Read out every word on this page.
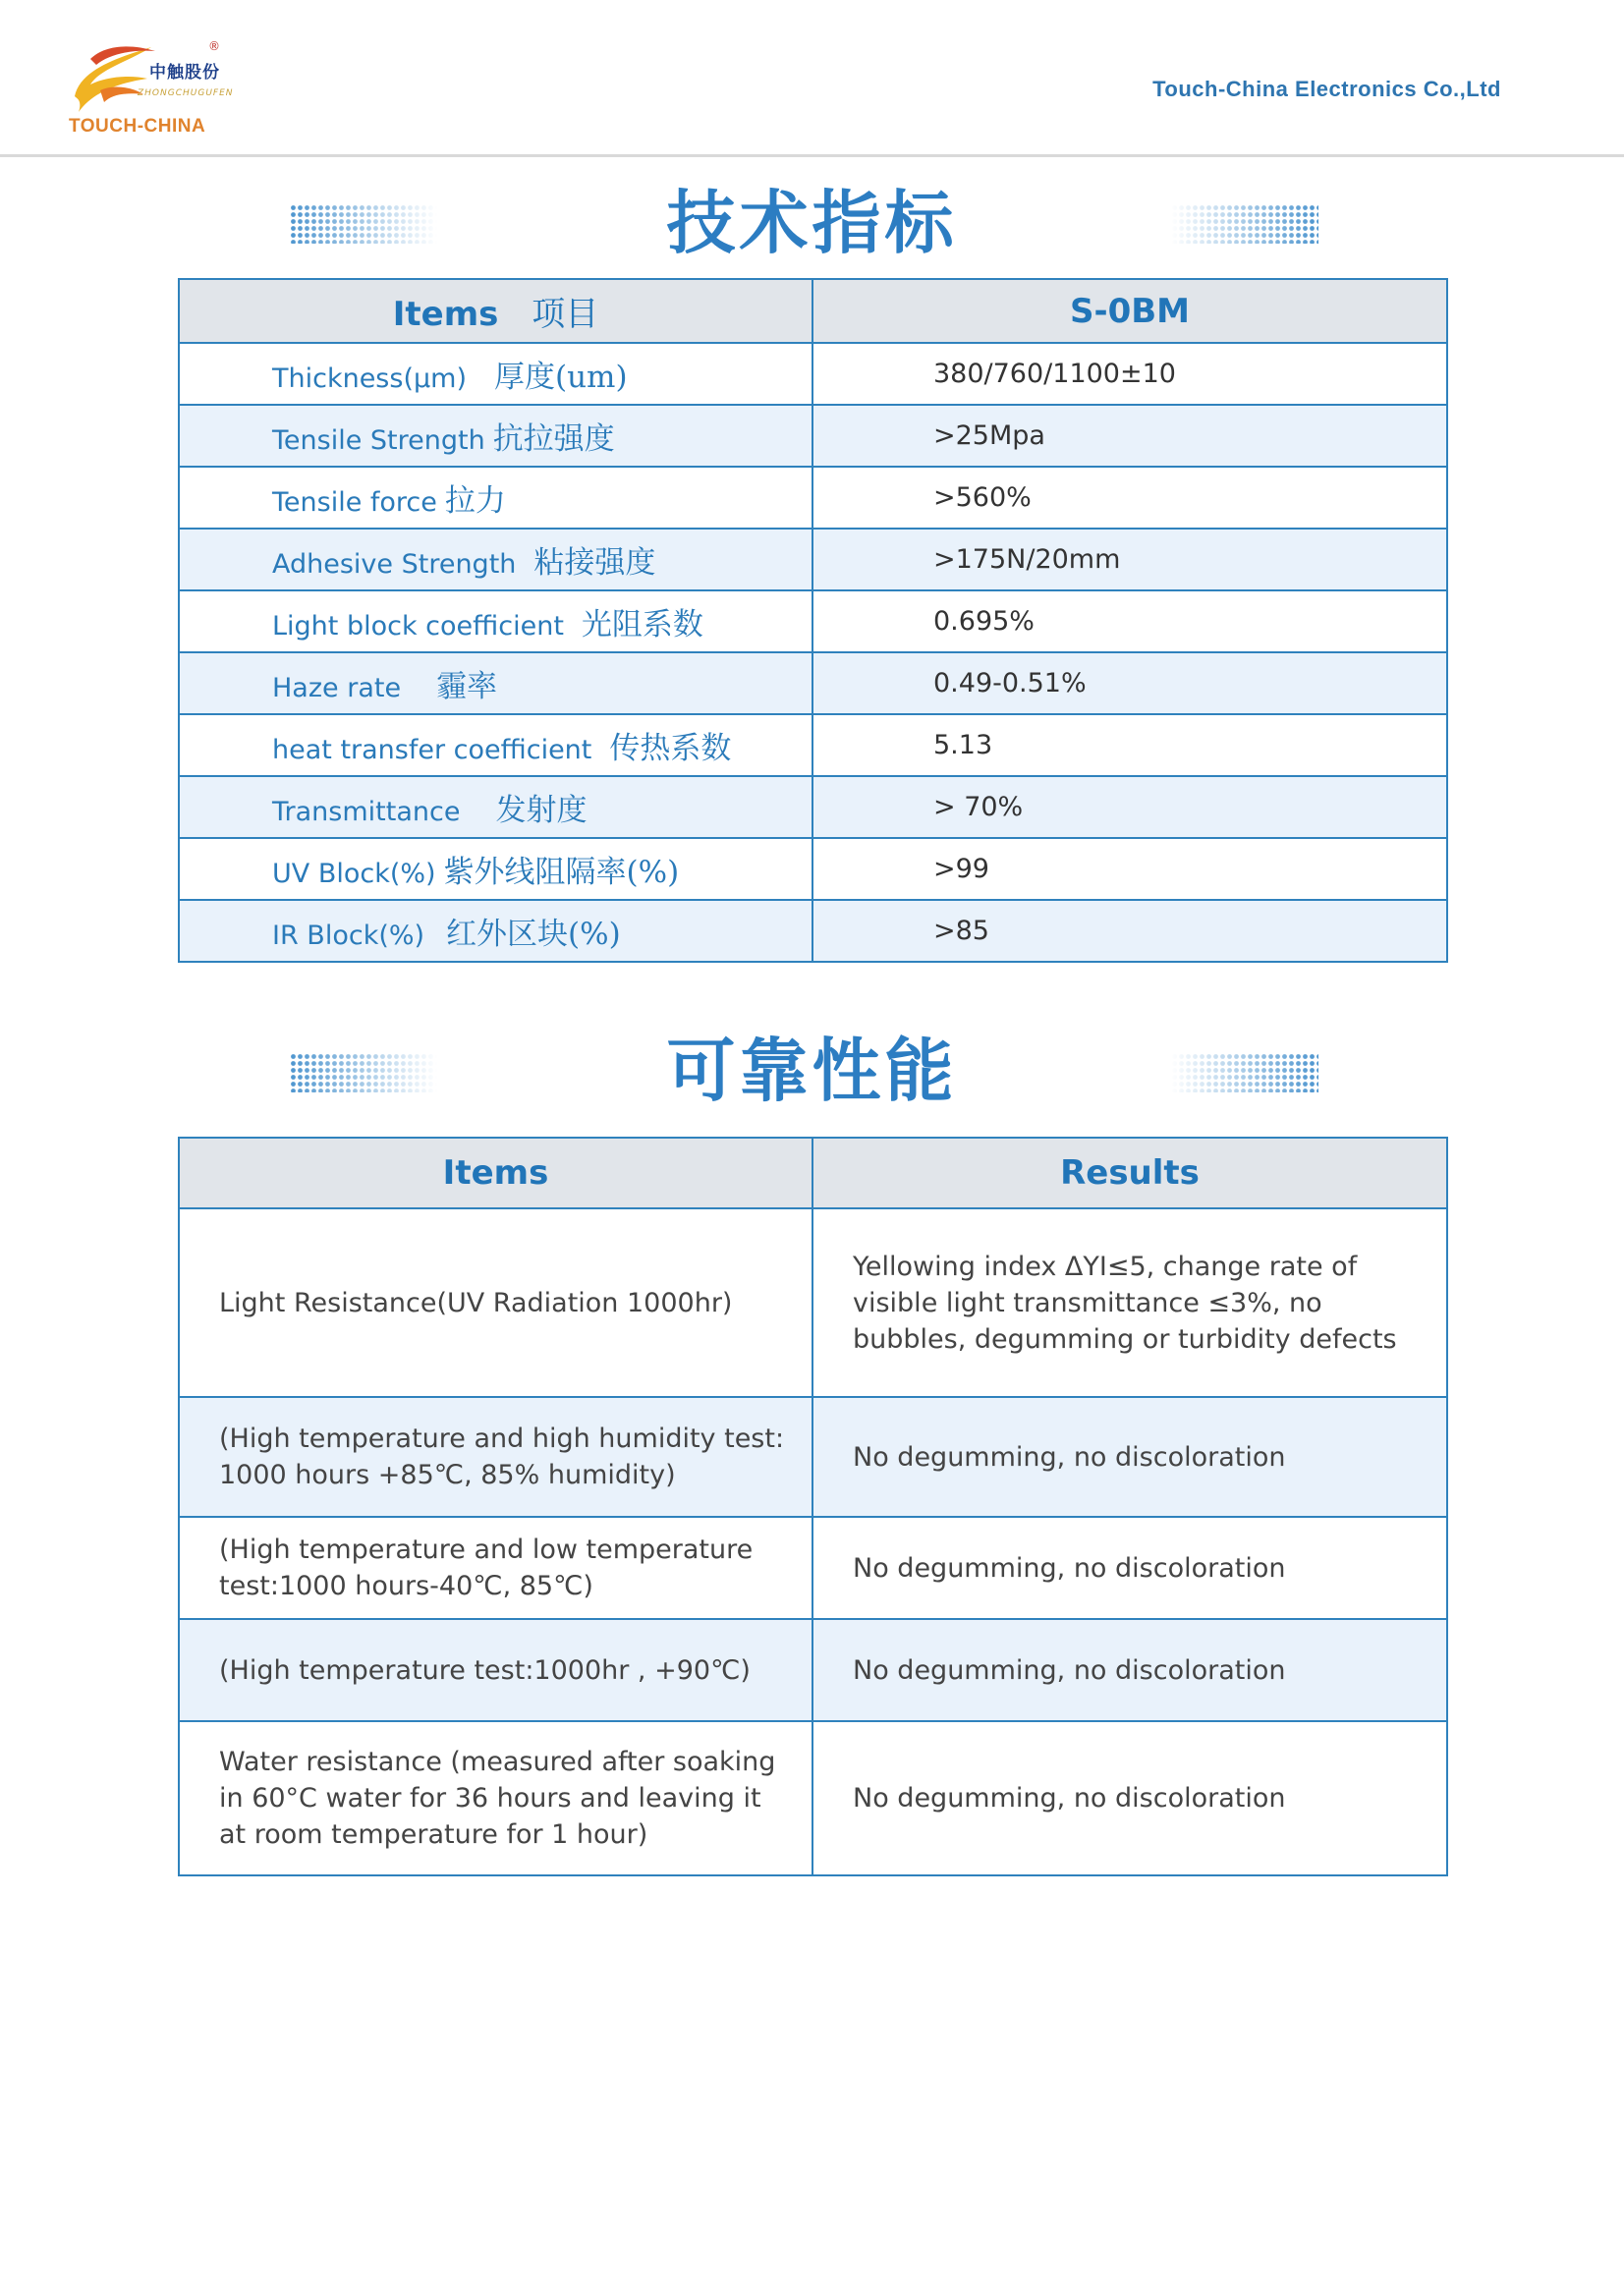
中触股份
®
ZHONGCHUGUFEN
TOUCH-CHINA
Touch-China Electronics Co.,Ltd
技术指标
Items 项目	S-0BM
Thickness(μm) 厚度(um)	380/760/1100±10
Tensile Strength 抗拉强度	>25Mpa
Tensile force 拉力	>560%
Adhesive Strength 粘接强度	>175N/20mm
Light block coefficient 光阻系数	0.695%
Haze rate 霾率	0.49-0.51%
heat transfer coefficient 传热系数	5.13
Transmittance 发射度	> 70%
UV Block(%) 紫外线阻隔率(%)	>99
IR Block(%) 红外区块(%)	>85
可靠性能
Items	Results
Light Resistance(UV Radiation 1000hr)	Yellowing index ΔYI≤5, change rate of visible light transmittance ≤3%, no bubbles, degumming or turbidity defects
(High temperature and high humidity test: 1000 hours +85℃, 85% humidity)	No degumming, no discoloration
(High temperature and low temperature test:1000 hours-40℃, 85℃)	No degumming, no discoloration
(High temperature test:1000hr , +90℃)	No degumming, no discoloration
Water resistance (measured after soaking in 60°C water for 36 hours and leaving it at room temperature for 1 hour)	No degumming, no discoloration
